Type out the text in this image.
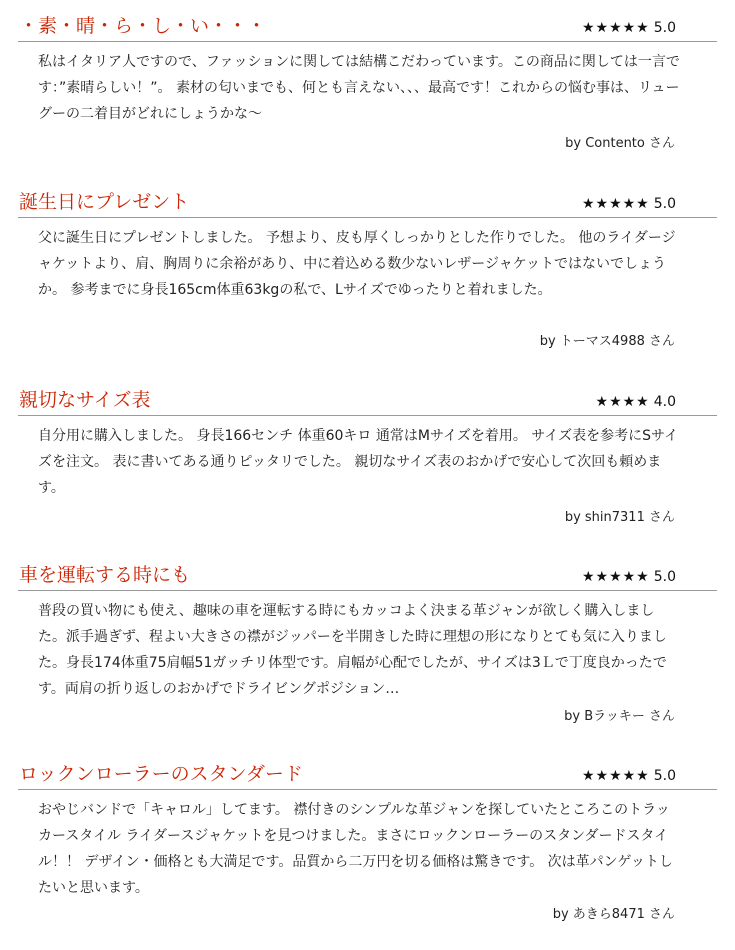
・素・晴・ら・し・い・・・	★★★★★ 5.0
私はイタリア人ですので、ファッションに関しては結構こだわっています。この商品に関しては一言です：”素晴らしい！”。 素材の匂いまでも、何とも言えない、、、最高です！これからの悩む事は、リューグーの二着目がどれにしょうかな〜
by Contento さん
誕生日にプレゼント	★★★★★ 5.0
父に誕生日にプレゼントしました。 予想より、皮も厚くしっかりとした作りでした。 他のライダージャケットより、肩、胸周りに余裕があり、中に着込める数少ないレザージャケットではないでしょうか。 参考までに身長165cm体重63kgの私で、Lサイズでゆったりと着れました。
by トーマス4988 さん
親切なサイズ表	★★★★ 4.0
自分用に購入しました。 身長166センチ 体重60キロ 通常はMサイズを着用。 サイズ表を参考にSサイズを注文。 表に書いてある通りピッタリでした。 親切なサイズ表のおかげで安心して次回も頼めます。
by shin7311 さん
車を運転する時にも	★★★★★ 5.0
普段の買い物にも使え、趣味の車を運転する時にもカッコよく決まる革ジャンが欲しく購入しました。派手過ぎず、程よい大きさの襟がジッパーを半開きした時に理想の形になりとても気に入りました。身長174体重75肩幅51ガッチリ体型です。肩幅が心配でしたが、サイズは3Ｌで丁度良かったです。両肩の折り返しのおかげでドライビングポジション…
by Bラッキー さん
ロックンローラーのスタンダード	★★★★★ 5.0
おやじバンドで「キャロル」してます。 襟付きのシンプルな革ジャンを探していたところこのトラッカースタイル ライダースジャケットを見つけました。まさにロックンローラーのスタンダードスタイル！！ デザイン・価格とも大満足です。品質から二万円を切る価格は驚きです。 次は革パンゲットしたいと思います。
by あきら8471 さん
